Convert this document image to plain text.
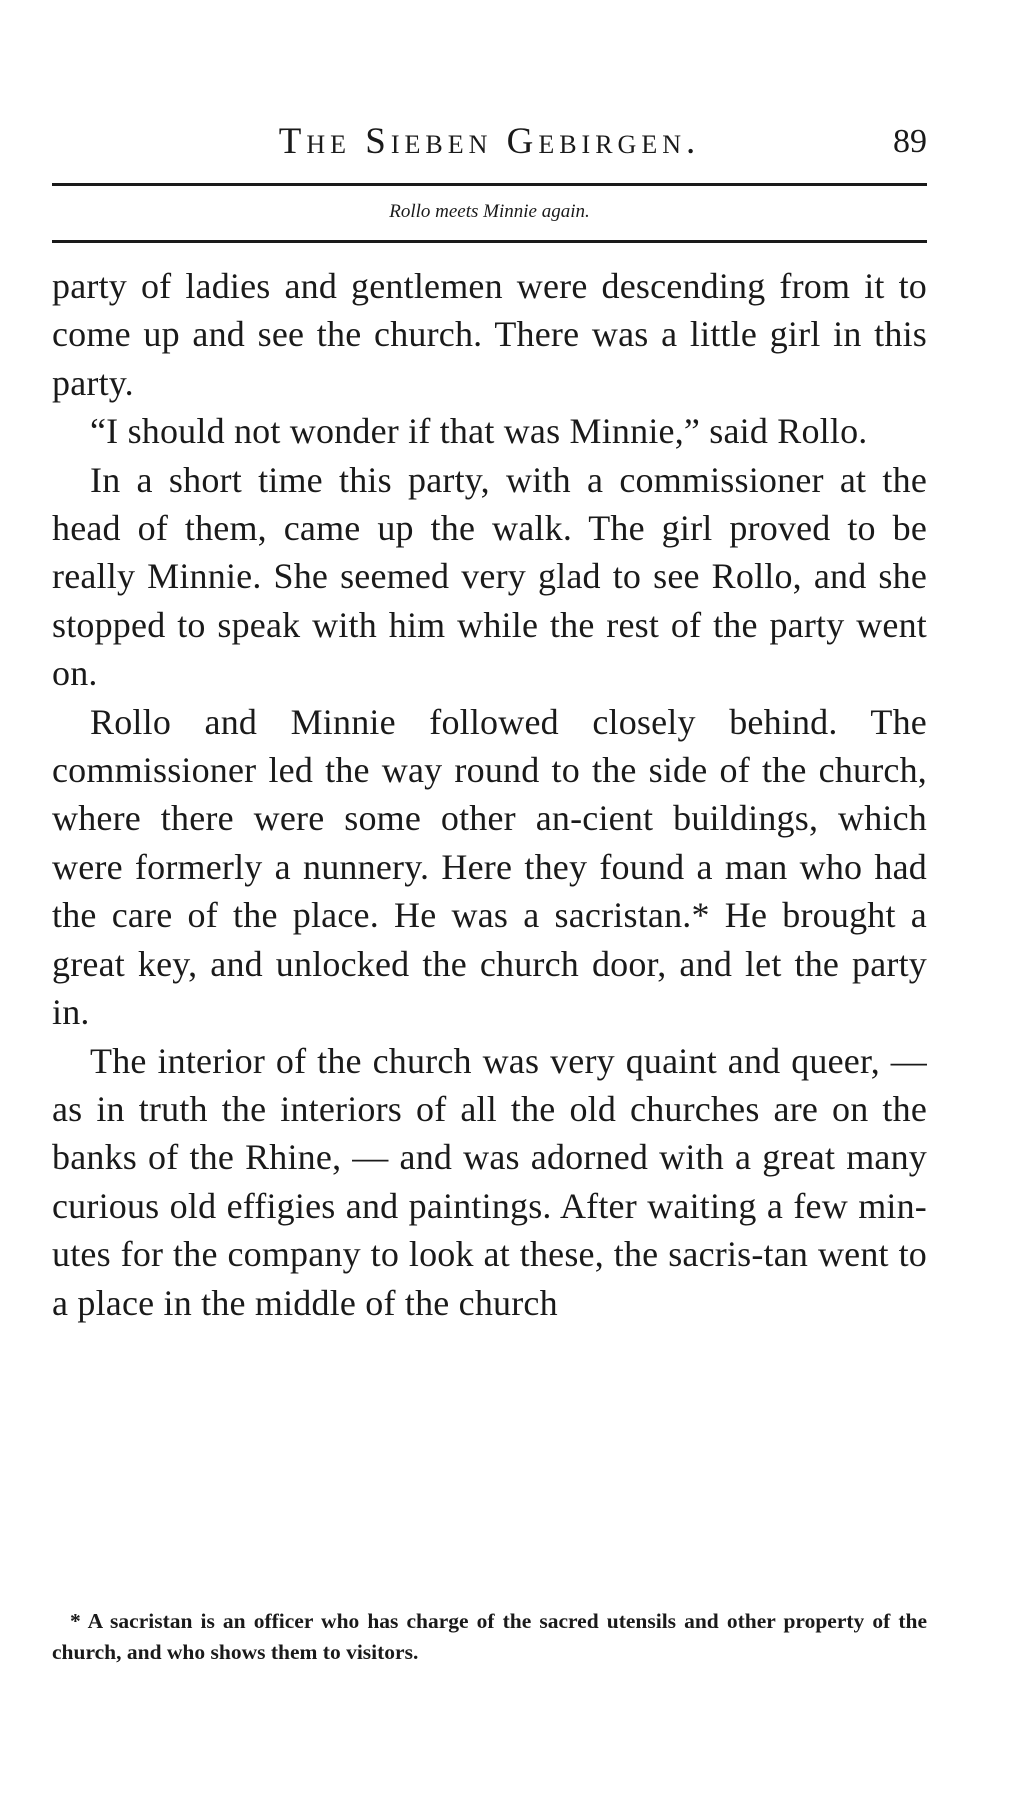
The Sieben Gebirgen.	89
Rollo meets Minnie again.

party of ladies and gentlemen were descending from it to come up and see the church. There was a little girl in this party.

“I should not wonder if that was Minnie,” said Rollo.

In a short time this party, with a commissioner at the head of them, came up the walk. The girl proved to be really Minnie. She seemed very glad to see Rollo, and she stopped to speak with him while the rest of the party went on.

Rollo and Minnie followed closely behind. The commissioner led the way round to the side of the church, where there were some other an-cient buildings, which were formerly a nunnery. Here they found a man who had the care of the place. He was a sacristan.* He brought a great key, and unlocked the church door, and let the party in.

The interior of the church was very quaint and queer, — as in truth the interiors of all the old churches are on the banks of the Rhine, — and was adorned with a great many curious old effigies and paintings. After waiting a few min-utes for the company to look at these, the sacris-tan went to a place in the middle of the church

* A sacristan is an officer who has charge of the sacred utensils and other property of the church, and who shows them to visitors.
